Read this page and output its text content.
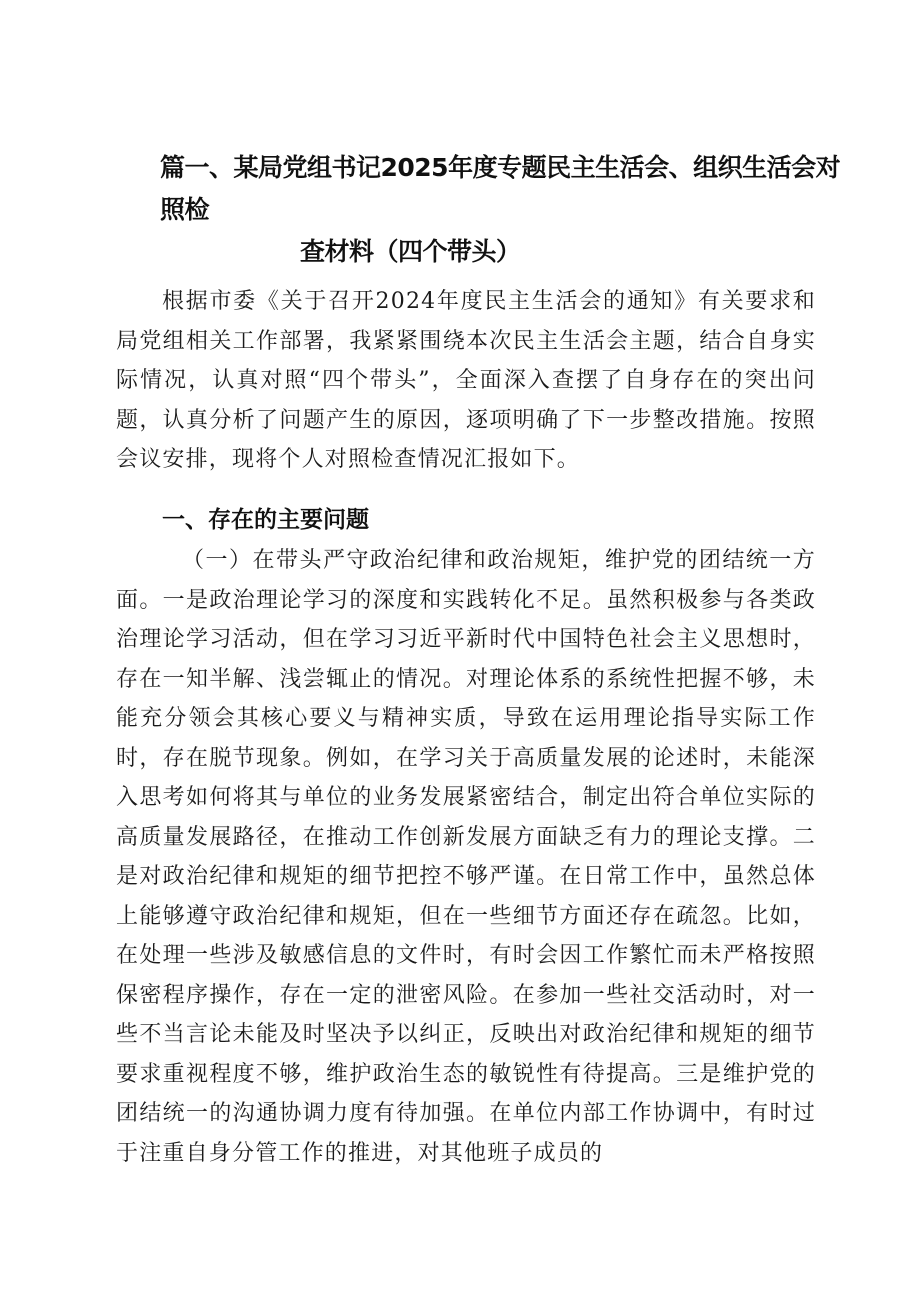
篇一、某局党组书记2025年度专题民主生活会、组织生活会对照检
查材料（四个带头）

根据市委《关于召开2024年度民主生活会的通知》有关要求和局党组相关工作部署，我紧紧围绕本次民主生活会主题，结合自身实际情况，认真对照“四个带头”，全面深入查摆了自身存在的突出问题，认真分析了问题产生的原因，逐项明确了下一步整改措施。按照会议安排，现将个人对照检查情况汇报如下。

一、存在的主要问题

（一）在带头严守政治纪律和政治规矩，维护党的团结统一方面。一是政治理论学习的深度和实践转化不足。虽然积极参与各类政治理论学习活动，但在学习习近平新时代中国特色社会主义思想时，存在一知半解、浅尝辄止的情况。对理论体系的系统性把握不够，未能充分领会其核心要义与精神实质，导致在运用理论指导实际工作时，存在脱节现象。例如，在学习关于高质量发展的论述时，未能深入思考如何将其与单位的业务发展紧密结合，制定出符合单位实际的高质量发展路径，在推动工作创新发展方面缺乏有力的理论支撑。二是对政治纪律和规矩的细节把控不够严谨。在日常工作中，虽然总体上能够遵守政治纪律和规矩，但在一些细节方面还存在疏忽。比如，在处理一些涉及敏感信息的文件时，有时会因工作繁忙而未严格按照保密程序操作，存在一定的泄密风险。在参加一些社交活动时，对一些不当言论未能及时坚决予以纠正，反映出对政治纪律和规矩的细节要求重视程度不够，维护政治生态的敏锐性有待提高。三是维护党的团结统一的沟通协调力度有待加强。在单位内部工作协调中，有时过于注重自身分管工作的推进，对其他班子成员的
